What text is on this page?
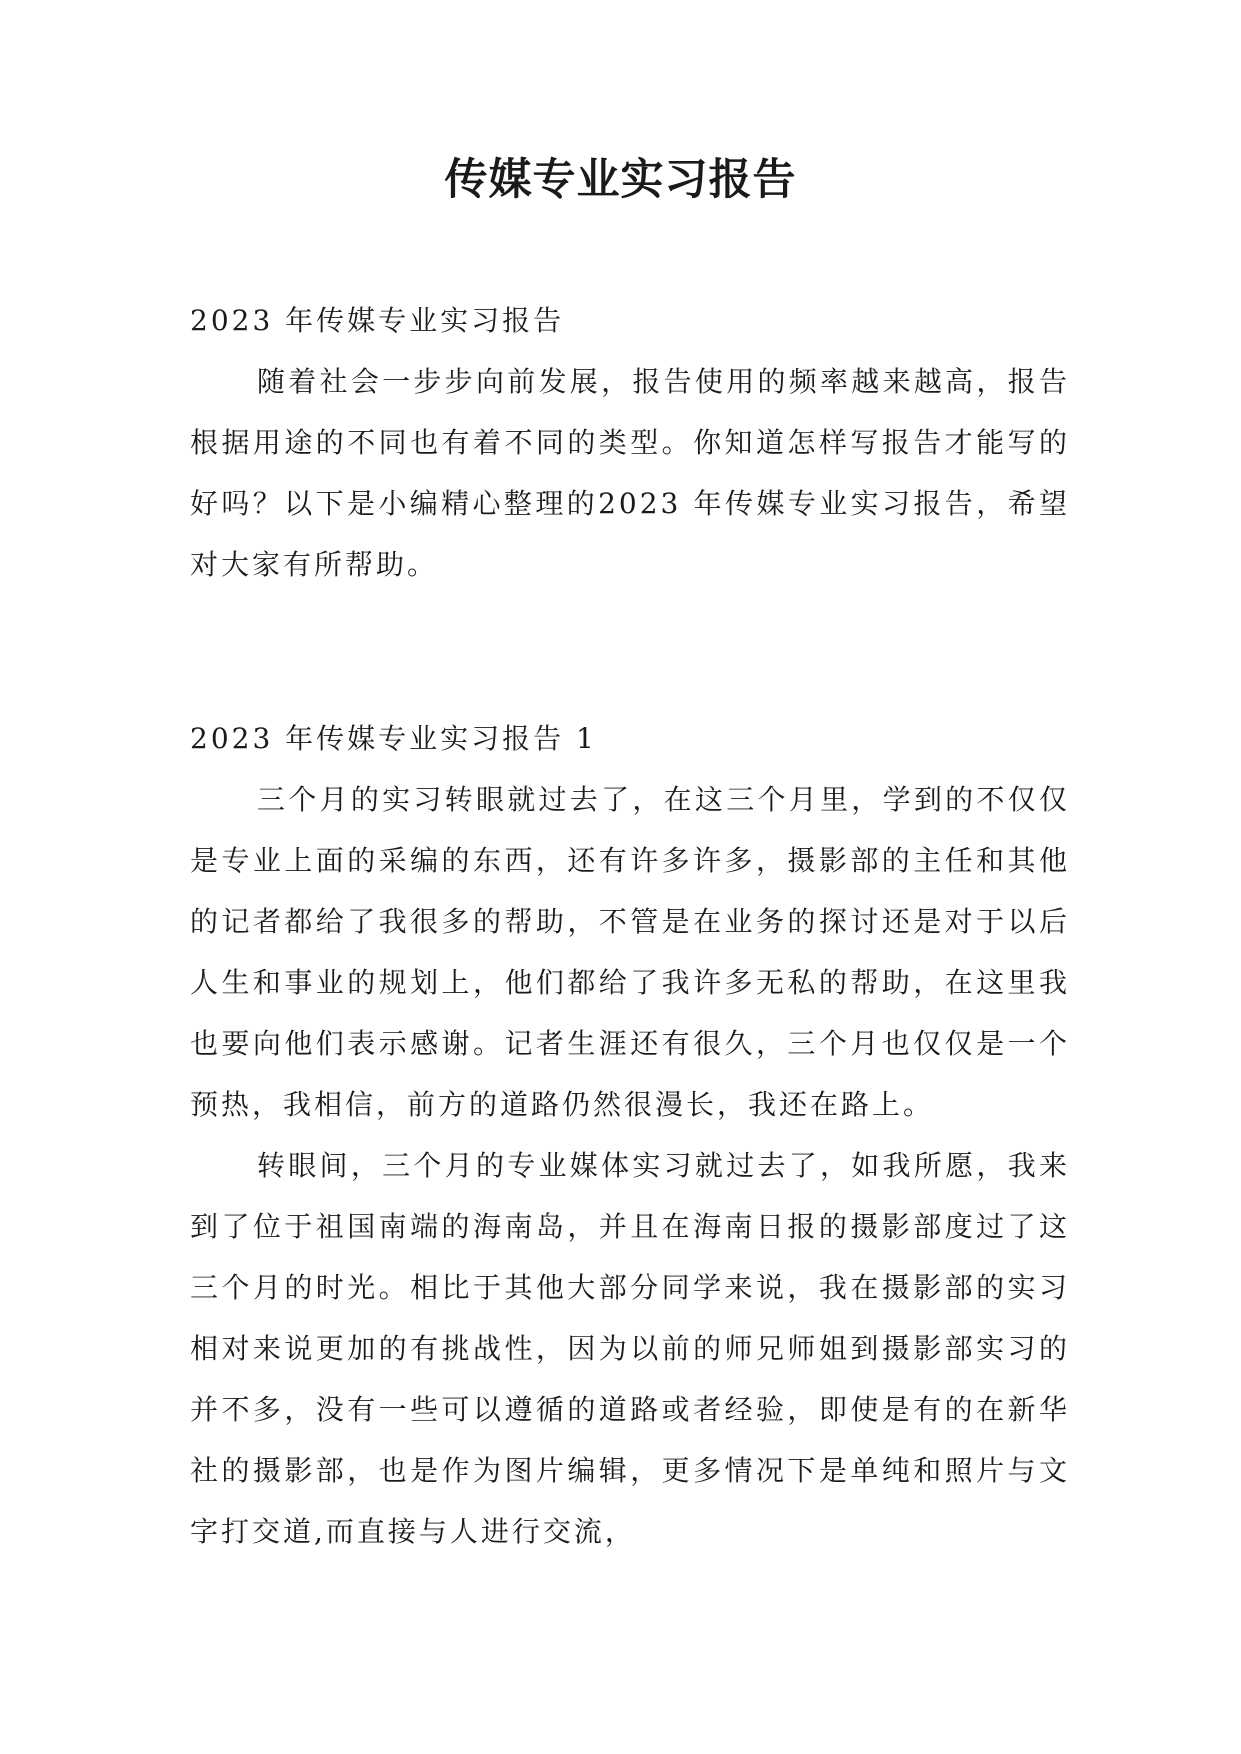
传媒专业实习报告

2023 年传媒专业实习报告

随着社会一步步向前发展，报告使用的频率越来越高，报告根据用途的不同也有着不同的类型。你知道怎样写报告才能写的好吗？以下是小编精心整理的2023 年传媒专业实习报告，希望对大家有所帮助。

2023 年传媒专业实习报告 1

三个月的实习转眼就过去了，在这三个月里，学到的不仅仅是专业上面的采编的东西，还有许多许多，摄影部的主任和其他的记者都给了我很多的帮助，不管是在业务的探讨还是对于以后人生和事业的规划上，他们都给了我许多无私的帮助，在这里我也要向他们表示感谢。记者生涯还有很久，三个月也仅仅是一个预热，我相信，前方的道路仍然很漫长，我还在路上。

转眼间，三个月的专业媒体实习就过去了，如我所愿，我来到了位于祖国南端的海南岛，并且在海南日报的摄影部度过了这三个月的时光。相比于其他大部分同学来说，我在摄影部的实习相对来说更加的有挑战性，因为以前的师兄师姐到摄影部实习的并不多，没有一些可以遵循的道路或者经验，即使是有的在新华社的摄影部，也是作为图片编辑，更多情况下是单纯和照片与文字打交道,而直接与人进行交流，
